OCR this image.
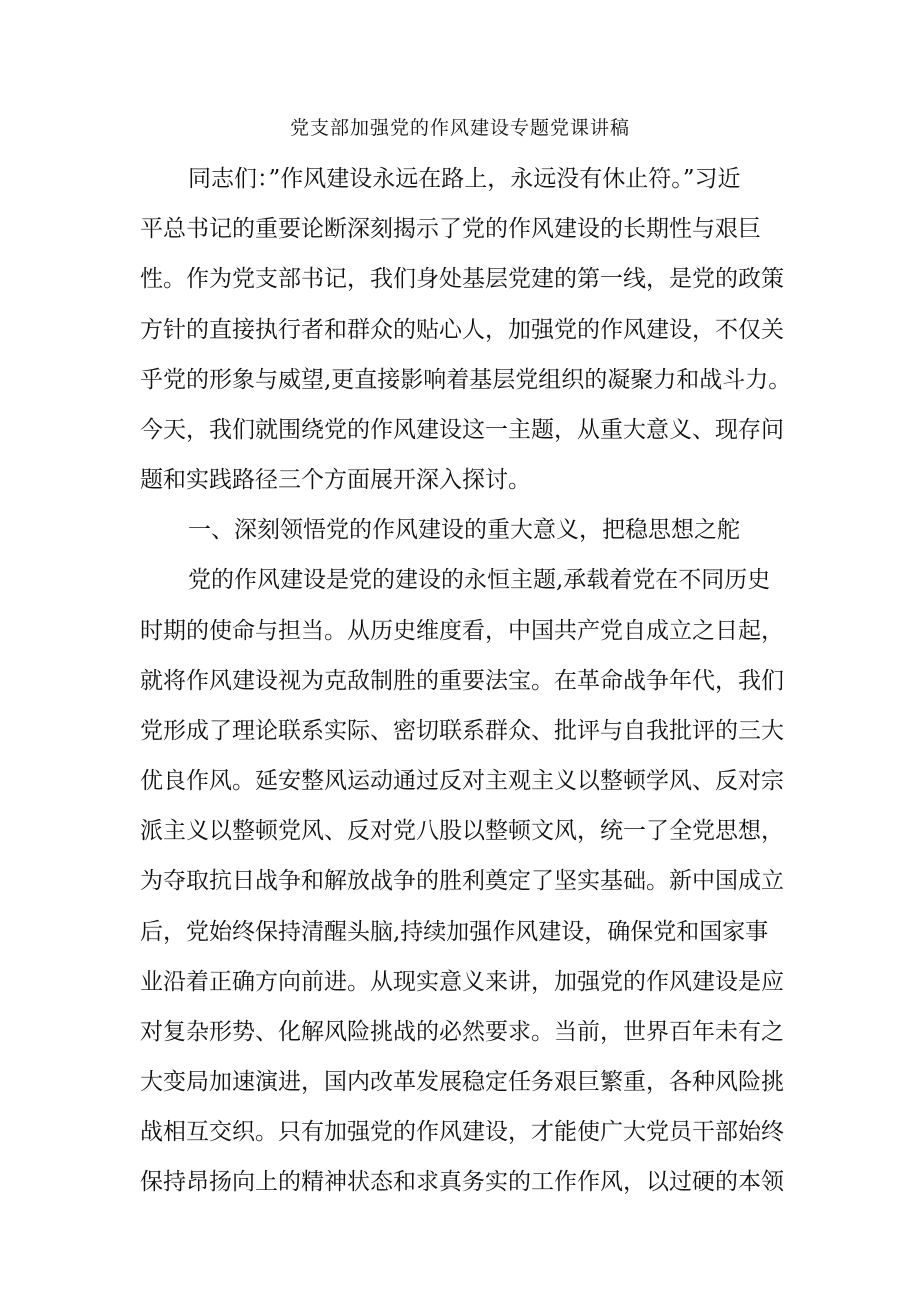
党支部加强党的作风建设专题党课讲稿

同志们：”作风建设永远在路上，永远没有休止符。”习近

平总书记的重要论断深刻揭示了党的作风建设的长期性与艰巨

性。作为党支部书记，我们身处基层党建的第一线，是党的政策

方针的直接执行者和群众的贴心人，加强党的作风建设，不仅关

乎党的形象与威望,更直接影响着基层党组织的凝聚力和战斗力。

今天，我们就围绕党的作风建设这一主题，从重大意义、现存问

题和实践路径三个方面展开深入探讨。

一、深刻领悟党的作风建设的重大意义，把稳思想之舵

党的作风建设是党的建设的永恒主题,承载着党在不同历史

时期的使命与担当。从历史维度看，中国共产党自成立之日起，

就将作风建设视为克敌制胜的重要法宝。在革命战争年代，我们

党形成了理论联系实际、密切联系群众、批评与自我批评的三大

优良作风。延安整风运动通过反对主观主义以整顿学风、反对宗

派主义以整顿党风、反对党八股以整顿文风，统一了全党思想，

为夺取抗日战争和解放战争的胜利奠定了坚实基础。新中国成立

后，党始终保持清醒头脑,持续加强作风建设，确保党和国家事

业沿着正确方向前进。从现实意义来讲，加强党的作风建设是应

对复杂形势、化解风险挑战的必然要求。当前，世界百年未有之

大变局加速演进，国内改革发展稳定任务艰巨繁重，各种风险挑

战相互交织。只有加强党的作风建设，才能使广大党员干部始终

保持昂扬向上的精神状态和求真务实的工作作风，以过硬的本领
